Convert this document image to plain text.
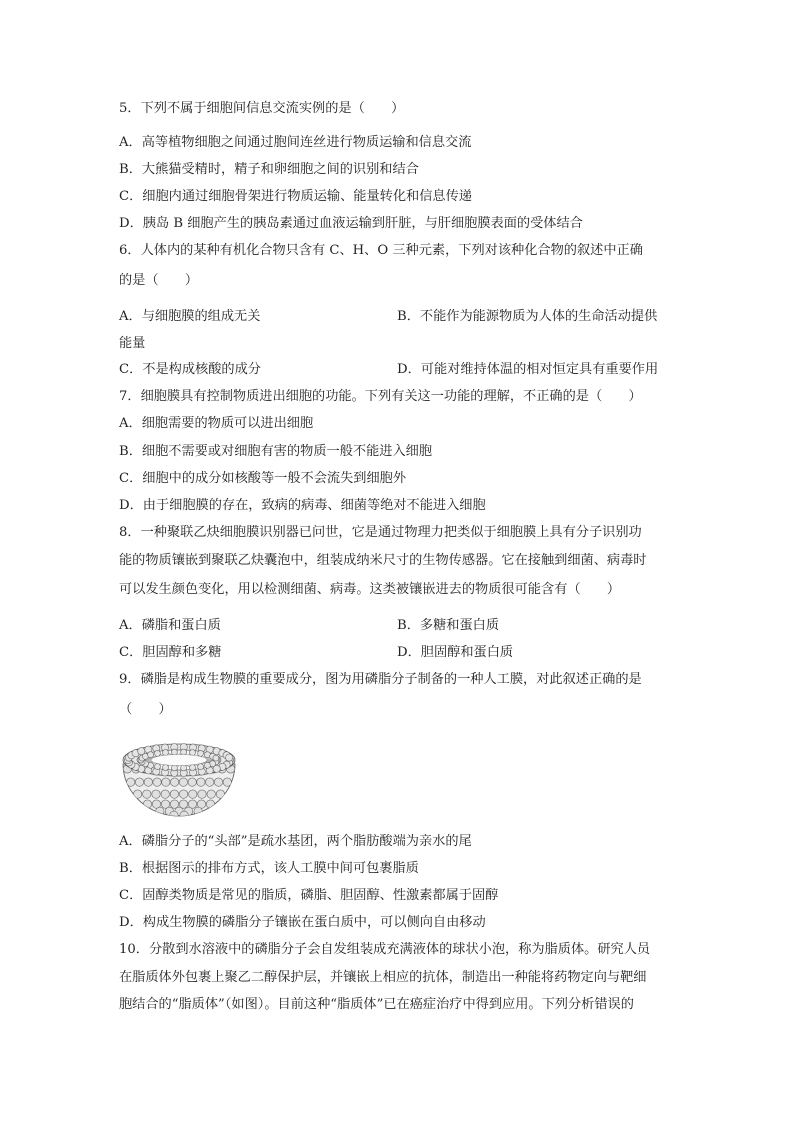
5．下列不属于细胞间信息交流实例的是（　　）
A．高等植物细胞之间通过胞间连丝进行物质运输和信息交流
B．大熊猫受精时，精子和卵细胞之间的识别和结合
C．细胞内通过细胞骨架进行物质运输、能量转化和信息传递
D．胰岛 B 细胞产生的胰岛素通过血液运输到肝脏，与肝细胞膜表面的受体结合
6．人体内的某种有机化合物只含有 C、H、O 三种元素，下列对该种化合物的叙述中正确
的是（　　）
A．与细胞膜的组成无关	B．不能作为能源物质为人体的生命活动提供
能量
C．不是构成核酸的成分	D．可能对维持体温的相对恒定具有重要作用
7．细胞膜具有控制物质进出细胞的功能。下列有关这一功能的理解，不正确的是（　　）
A．细胞需要的物质可以进出细胞
B．细胞不需要或对细胞有害的物质一般不能进入细胞
C．细胞中的成分如核酸等一般不会流失到细胞外
D．由于细胞膜的存在，致病的病毒、细菌等绝对不能进入细胞
8．一种聚联乙炔细胞膜识别器已问世，它是通过物理力把类似于细胞膜上具有分子识别功
能的物质镶嵌到聚联乙炔囊泡中，组装成纳米尺寸的生物传感器。它在接触到细菌、病毒时
可以发生颜色变化，用以检测细菌、病毒。这类被镶嵌进去的物质很可能含有（　　）
A．磷脂和蛋白质	B．多糖和蛋白质
C．胆固醇和多糖	D．胆固醇和蛋白质
9．磷脂是构成生物膜的重要成分，图为用磷脂分子制备的一种人工膜，对此叙述正确的是
（　　）
A．磷脂分子的“头部”是疏水基团，两个脂肪酸端为亲水的尾
B．根据图示的排布方式，该人工膜中间可包裹脂质
C．固醇类物质是常见的脂质，磷脂、胆固醇、性激素都属于固醇
D．构成生物膜的磷脂分子镶嵌在蛋白质中，可以侧向自由移动
10．分散到水溶液中的磷脂分子会自发组装成充满液体的球状小泡，称为脂质体。研究人员
在脂质体外包裹上聚乙二醇保护层，并镶嵌上相应的抗体，制造出一种能将药物定向与靶细
胞结合的“脂质体”（如图）。目前这种“脂质体”已在癌症治疗中得到应用。下列分析错误的
